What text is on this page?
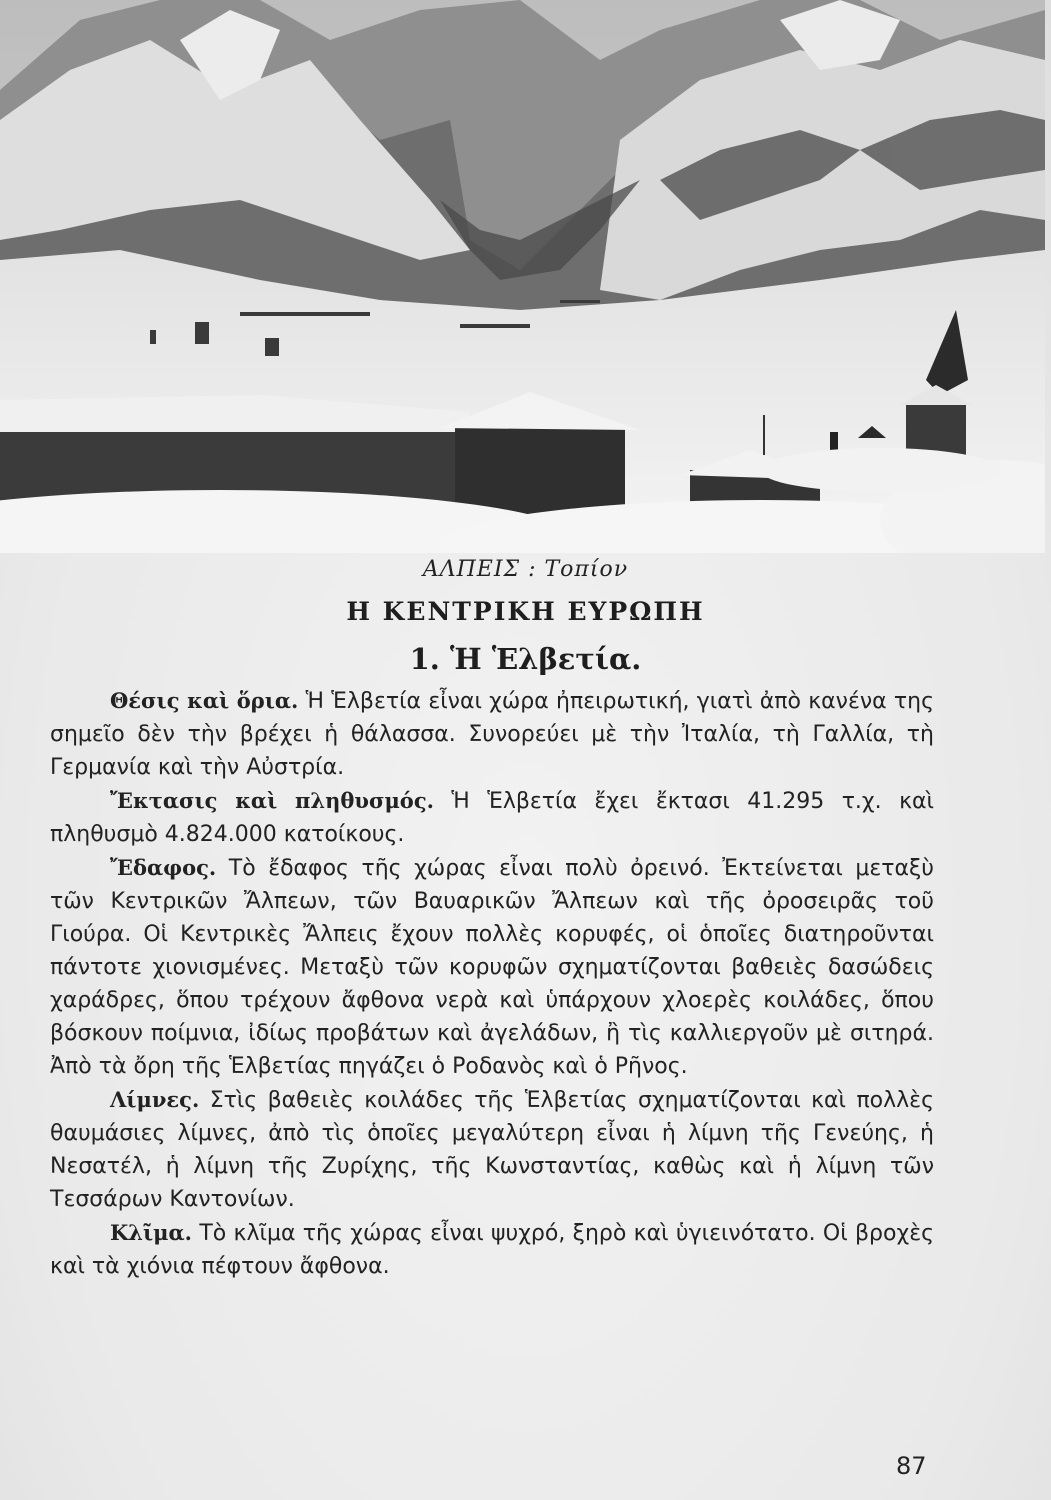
ΑΛΠΕΙΣ : Τοπίον
Η ΚΕΝΤΡΙΚΗ ΕΥΡΩΠΗ
1. Ἡ Ἑλβετία.

Θέσις καὶ ὅρια. Ἡ Ἑλβετία εἶναι χώρα ἠπειρωτική, γιατὶ ἀπὸ κανένα της σημεῖο δὲν τὴν βρέχει ἡ θάλασσα. Συνορεύει μὲ τὴν Ἰταλία, τὴ Γαλλία, τὴ Γερμανία καὶ τὴν Αὐστρία.

Ἔκτασις καὶ πληθυσμός. Ἡ Ἑλβετία ἔχει ἔκτασι 41.295 τ.χ. καὶ πληθυσμὸ 4.824.000 κατοίκους.

Ἔδαφος. Τὸ ἔδαφος τῆς χώρας εἶναι πολὺ ὀρεινό. Ἐκτείνεται μεταξὺ τῶν Κεντρικῶν Ἄλπεων, τῶν Βαυαρικῶν Ἄλπεων καὶ τῆς ὀροσειρᾶς τοῦ Γιούρα. Οἱ Κεντρικὲς Ἄλπεις ἔχουν πολλὲς κορυφές, οἱ ὁποῖες διατηροῦνται πάντοτε χιονισμένες. Μεταξὺ τῶν κορυφῶν σχηματίζονται βαθειὲς δασώδεις χαράδρες, ὅπου τρέχουν ἄφθονα νερὰ καὶ ὑπάρχουν χλοερὲς κοιλάδες, ὅπου βόσκουν ποίμνια, ἰδίως προβάτων καὶ ἀγελάδων, ἢ τὶς καλλιεργοῦν μὲ σιτηρά. Ἀπὸ τὰ ὄρη τῆς Ἑλβετίας πηγάζει ὁ Ροδανὸς καὶ ὁ Ρῆνος.

Λίμνες. Στὶς βαθειὲς κοιλάδες τῆς Ἑλβετίας σχηματίζονται καὶ πολλὲς θαυμάσιες λίμνες, ἀπὸ τὶς ὁποῖες μεγαλύτερη εἶναι ἡ λίμνη τῆς Γενεύης, ἡ Νεσατέλ, ἡ λίμνη τῆς Ζυρίχης, τῆς Κωνσταντίας, καθὼς καὶ ἡ λίμνη τῶν Τεσσάρων Καντονίων.

Κλῖμα. Τὸ κλῖμα τῆς χώρας εἶναι ψυχρό, ξηρὸ καὶ ὑγιεινότατο. Οἱ βροχὲς καὶ τὰ χιόνια πέφτουν ἄφθονα.

87
